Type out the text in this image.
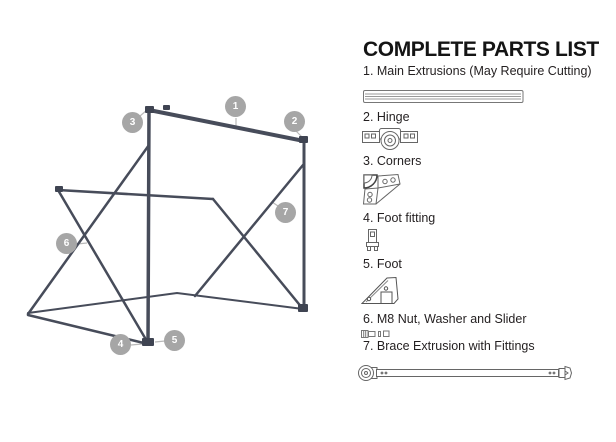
1
2
3
4	5
6
7
COMPLETE PARTS LIST
1. Main Extrusions (May Require Cutting)
2. Hinge
3. Corners
4. Foot fitting
5. Foot
6. M8 Nut, Washer and Slider
7. Brace Extrusion with Fittings
